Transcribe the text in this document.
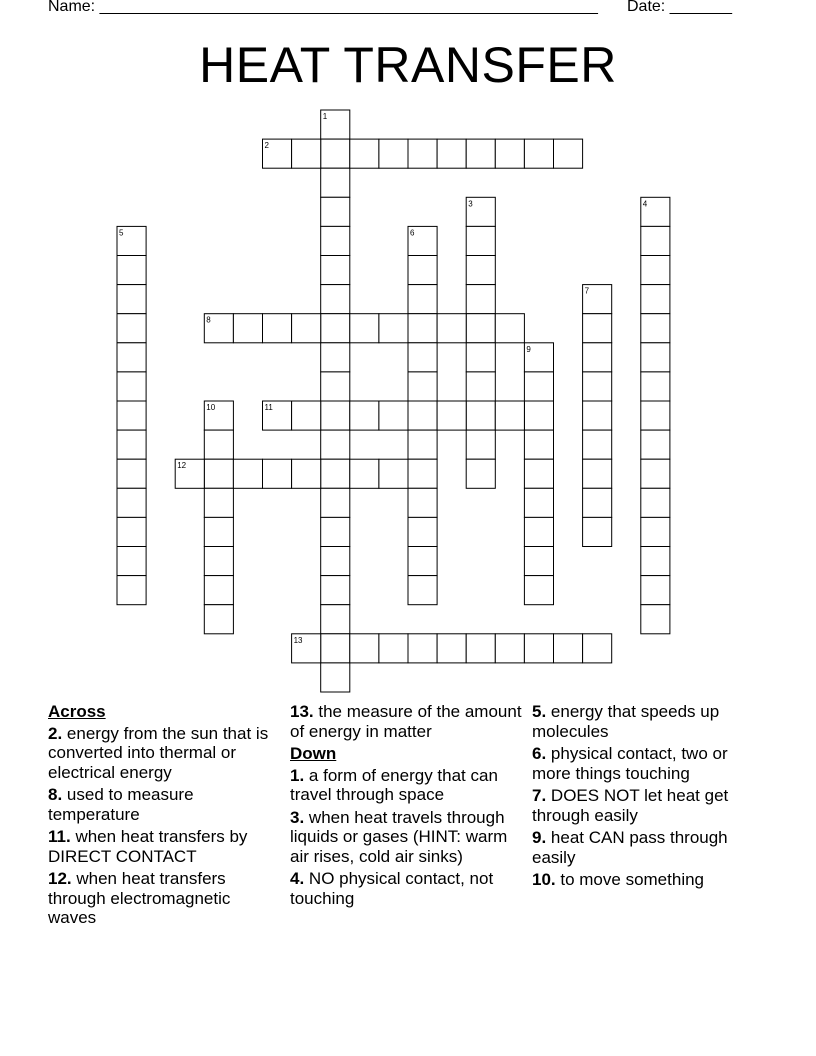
Name: ________________________________________________________ Date: _______
HEAT TRANSFER
1
2
3	4
5	6
7
8
9
10	11
12
13
Across
2. energy from the sun that is converted into thermal or electrical energy
8. used to measure temperature
11. when heat transfers by DIRECT CONTACT
12. when heat transfers through electromagnetic waves
13. the measure of the amount of energy in matter
Down
1. a form of energy that can travel through space
3. when heat travels through liquids or gases (HINT: warm air rises, cold air sinks)
4. NO physical contact, not touching
5. energy that speeds up molecules
6. physical contact, two or more things touching
7. DOES NOT let heat get through easily
9. heat CAN pass through easily
10. to move something
